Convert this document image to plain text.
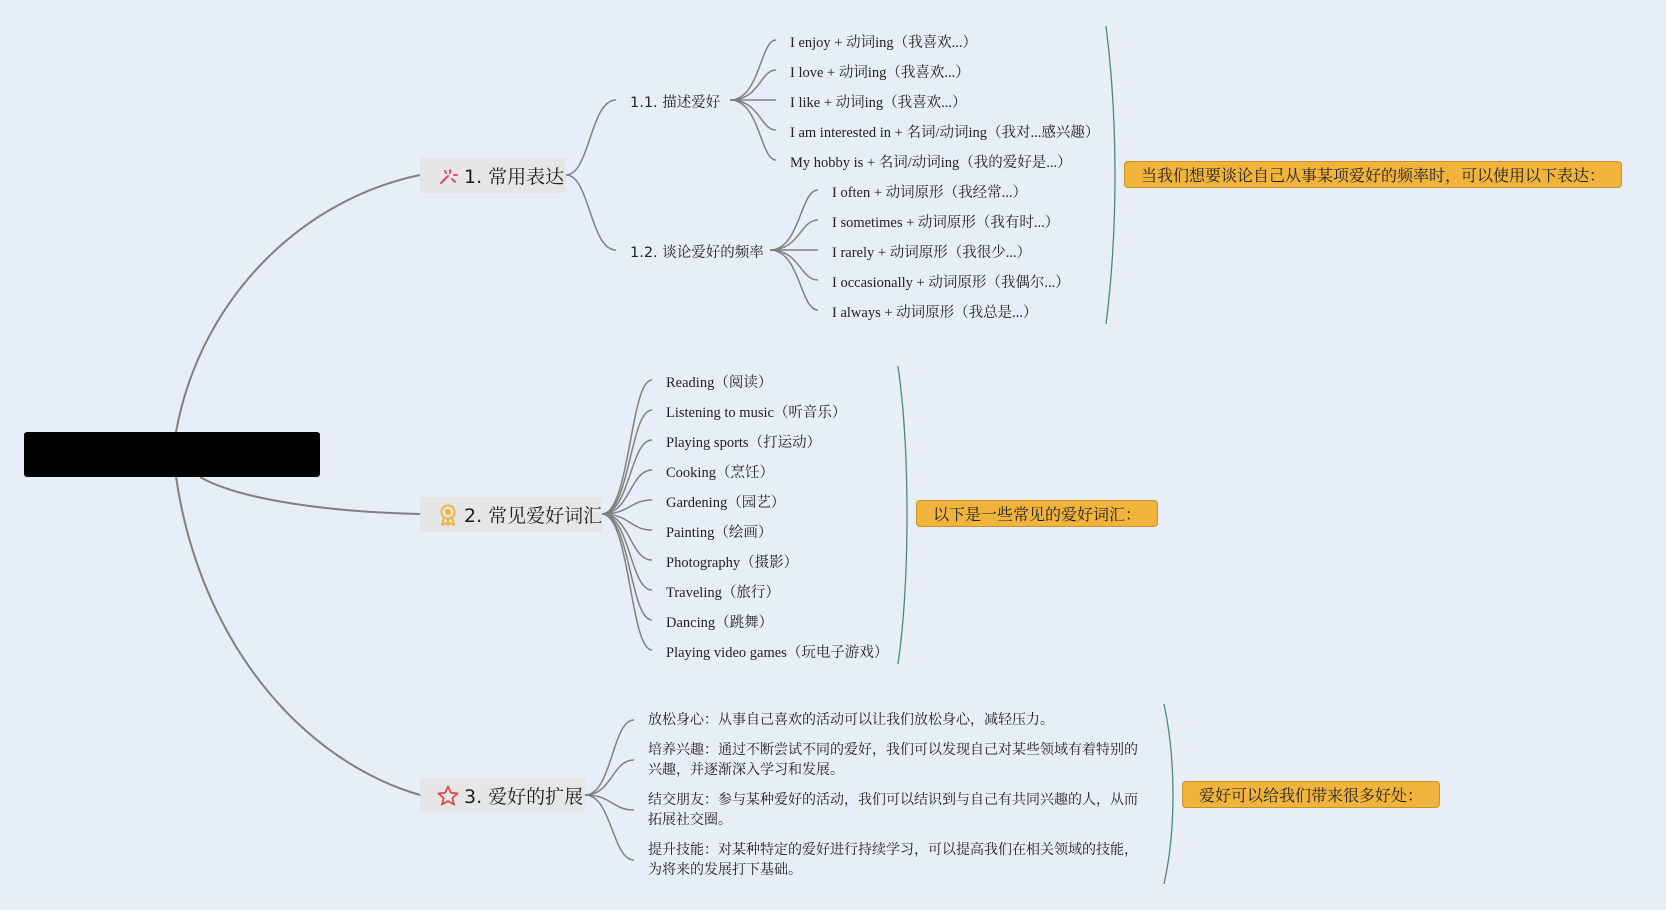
1. 常用表达
1.1. 描述爱好
I enjoy + 动词ing（我喜欢...）
I love + 动词ing（我喜欢...）
I like + 动词ing（我喜欢...）
I am interested in + 名词/动词ing（我对...感兴趣）
My hobby is + 名词/动词ing（我的爱好是...）
1.2. 谈论爱好的频率
I often + 动词原形（我经常...）
I sometimes + 动词原形（我有时...）
I rarely + 动词原形（我很少...）
I occasionally + 动词原形（我偶尔...）
I always + 动词原形（我总是...）
当我们想要谈论自己从事某项爱好的频率时，可以使用以下表达：
2. 常见爱好词汇
Reading（阅读）
Listening to music（听音乐）
Playing sports（打运动）
Cooking（烹饪）
Gardening（园艺）
Painting（绘画）
Photography（摄影）
Traveling（旅行）
Dancing（跳舞）
Playing video games（玩电子游戏）
以下是一些常见的爱好词汇：
3. 爱好的扩展
放松身心：从事自己喜欢的活动可以让我们放松身心，减轻压力。
培养兴趣：通过不断尝试不同的爱好，我们可以发现自己对某些领域有着特别的兴趣，并逐渐深入学习和发展。
结交朋友：参与某种爱好的活动，我们可以结识到与自己有共同兴趣的人，从而拓展社交圈。
提升技能：对某种特定的爱好进行持续学习，可以提高我们在相关领域的技能，为将来的发展打下基础。
爱好可以给我们带来很多好处：
